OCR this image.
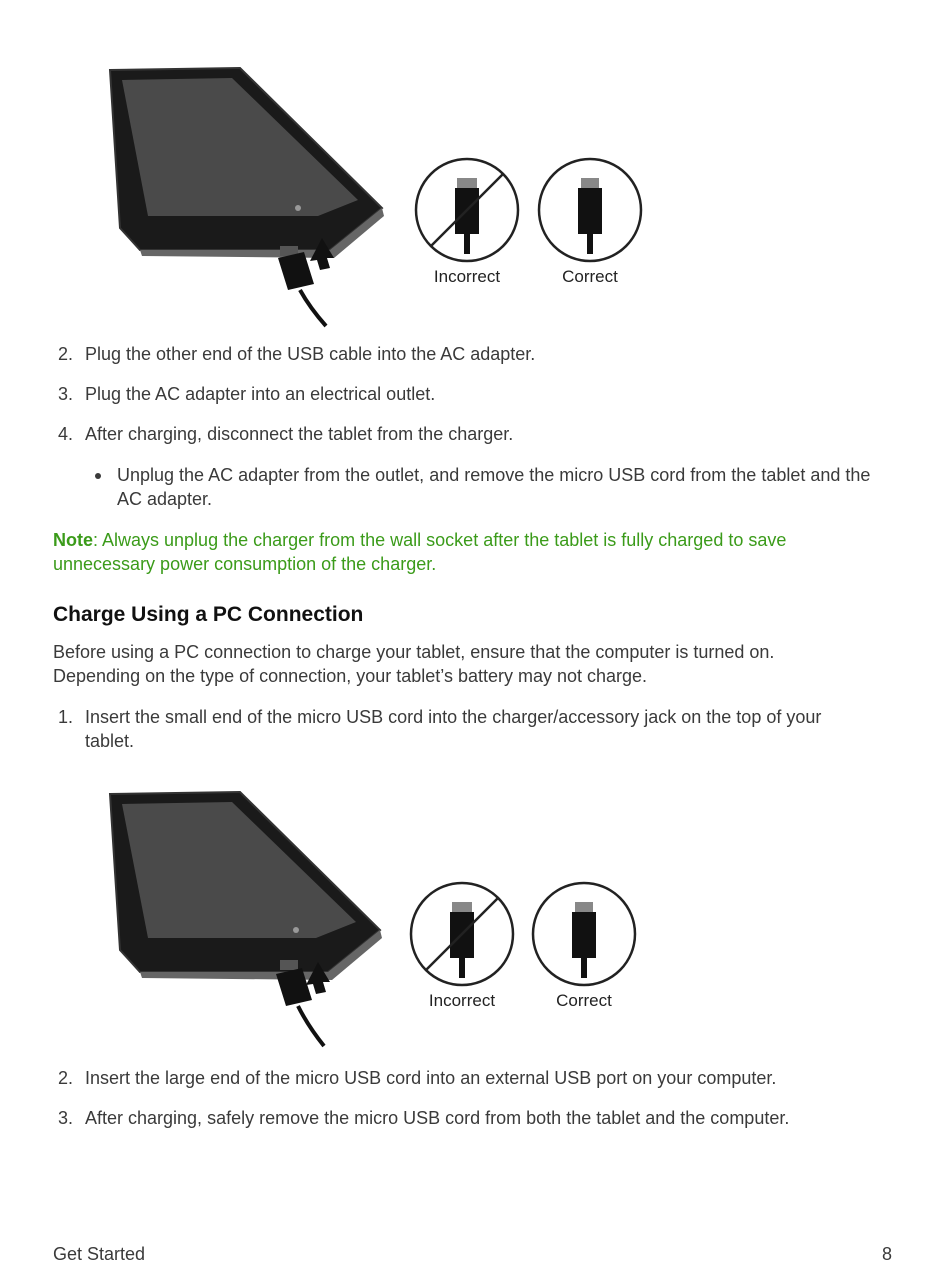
Incorrect	Correct
2. Plug the other end of the USB cable into the AC adapter.
3. Plug the AC adapter into an electrical outlet.
4. After charging, disconnect the tablet from the charger.
Unplug the AC adapter from the outlet, and remove the micro USB cord from the tablet and the AC adapter.
Note: Always unplug the charger from the wall socket after the tablet is fully charged to save unnecessary power consumption of the charger.
Charge Using a PC Connection
Before using a PC connection to charge your tablet, ensure that the computer is turned on. Depending on the type of connection, your tablet’s battery may not charge.
1. Insert the small end of the micro USB cord into the charger/accessory jack on the top of your tablet.
Incorrect	Correct
2. Insert the large end of the micro USB cord into an external USB port on your computer.
3. After charging, safely remove the micro USB cord from both the tablet and the computer.
Get Started	8
